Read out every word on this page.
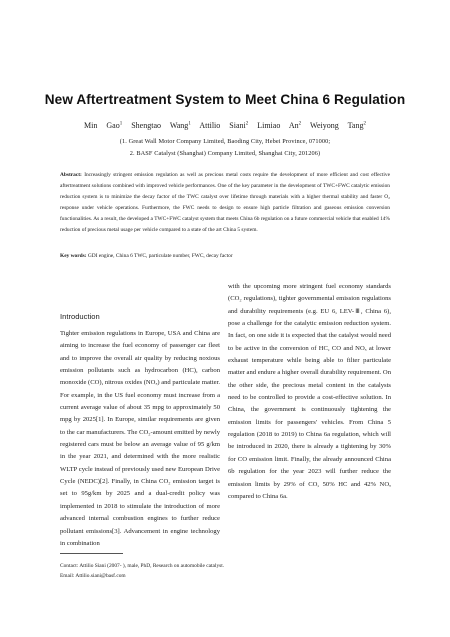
New Aftertreatment System to Meet China 6 Regulation
Min Gao$^1$ Shengtao Wang$^1$ Attilio Siani$^2$ Limiao An$^2$ Weiyong Tang$^2$
(1. Great Wall Motor Company Limited, Baoding City, Hebei Province, 071000;
2. BASF Catalyst (Shanghai) Company Limited, Shanghai City, 201206)
Abstract: Increasingly stringent emission regulation as well as precious metal costs require the development of more efficient and cost effective aftertreatment solutions combined with improved vehicle performances. One of the key parameter in the development of TWC+FWC catalytic emission reduction system is to minimize the decay factor of the TWC catalyst over lifetime through materials with a higher thermal stability and faster O₂ response under vehicle operations. Furthermore, the FWC needs to design to ensure high particle filtration and gaseous emission conversion functionalities. As a result, the developed a TWC+FWC catalyst system that meets China 6b regulation on a future commercial vehicle that enabled 14% reduction of precious metal usage per vehicle compared to a state of the art China 5 system.
Key words: GDI engine, China 6 TWC, particulate number, FWC, decay factor
Introduction
Tighter emission regulations in Europe, USA and China are aiming to increase the fuel economy of passenger car fleet and to improve the overall air quality by reducing noxious emission pollutants such as hydrocarbon (HC), carbon monoxide (CO), nitrous oxides (NOₓ) and particulate matter. For example, in the US fuel economy must increase from a current average value of about 35 mpg to approximately 50 mpg by 2025[1]. In Europe, similar requirements are given to the car manufacturers. The CO₂-amount emitted by newly registered cars must be below an average value of 95 g/km in the year 2021, and determined with the more realistic WLTP cycle instead of previously used new European Drive Cycle (NEDC)[2]. Finally, in China CO₂ emission target is set to 95g/km by 2025 and a dual-credit policy was implemented in 2018 to stimulate the introduction of more advanced internal combustion engines to further reduce pollutant emissions[3]. Advancement in engine technology in combination
with the upcoming more stringent fuel economy standards (CO₂ regulations), tighter governmental emission regulations and durability requirements (e.g. EU 6, LEV-Ⅲ, China 6), pose a challenge for the catalytic emission reduction system. In fact, on one side it is expected that the catalyst would need to be active in the conversion of HC, CO and NOₓ at lower exhaust temperature while being able to filter particulate matter and endure a higher overall durability requirement. On the other side, the precious metal content in the catalysts need to be controlled to provide a cost-effective solution. In China, the government is continuously tightening the emission limits for passengers' vehicles. From China 5 regulation (2018 to 2019) to China 6a regulation, which will be introduced in 2020, there is already a tightening by 30% for CO emission limit. Finally, the already announced China 6b regulation for the year 2023 will further reduce the emission limits by 29% of CO, 50% HC and 42% NOₓ compared to China 6a.
Contact: Attilio Siani (2007- ), male, PhD, Research on automobile catalyst.
Email: Attilio.siani@basf.com
